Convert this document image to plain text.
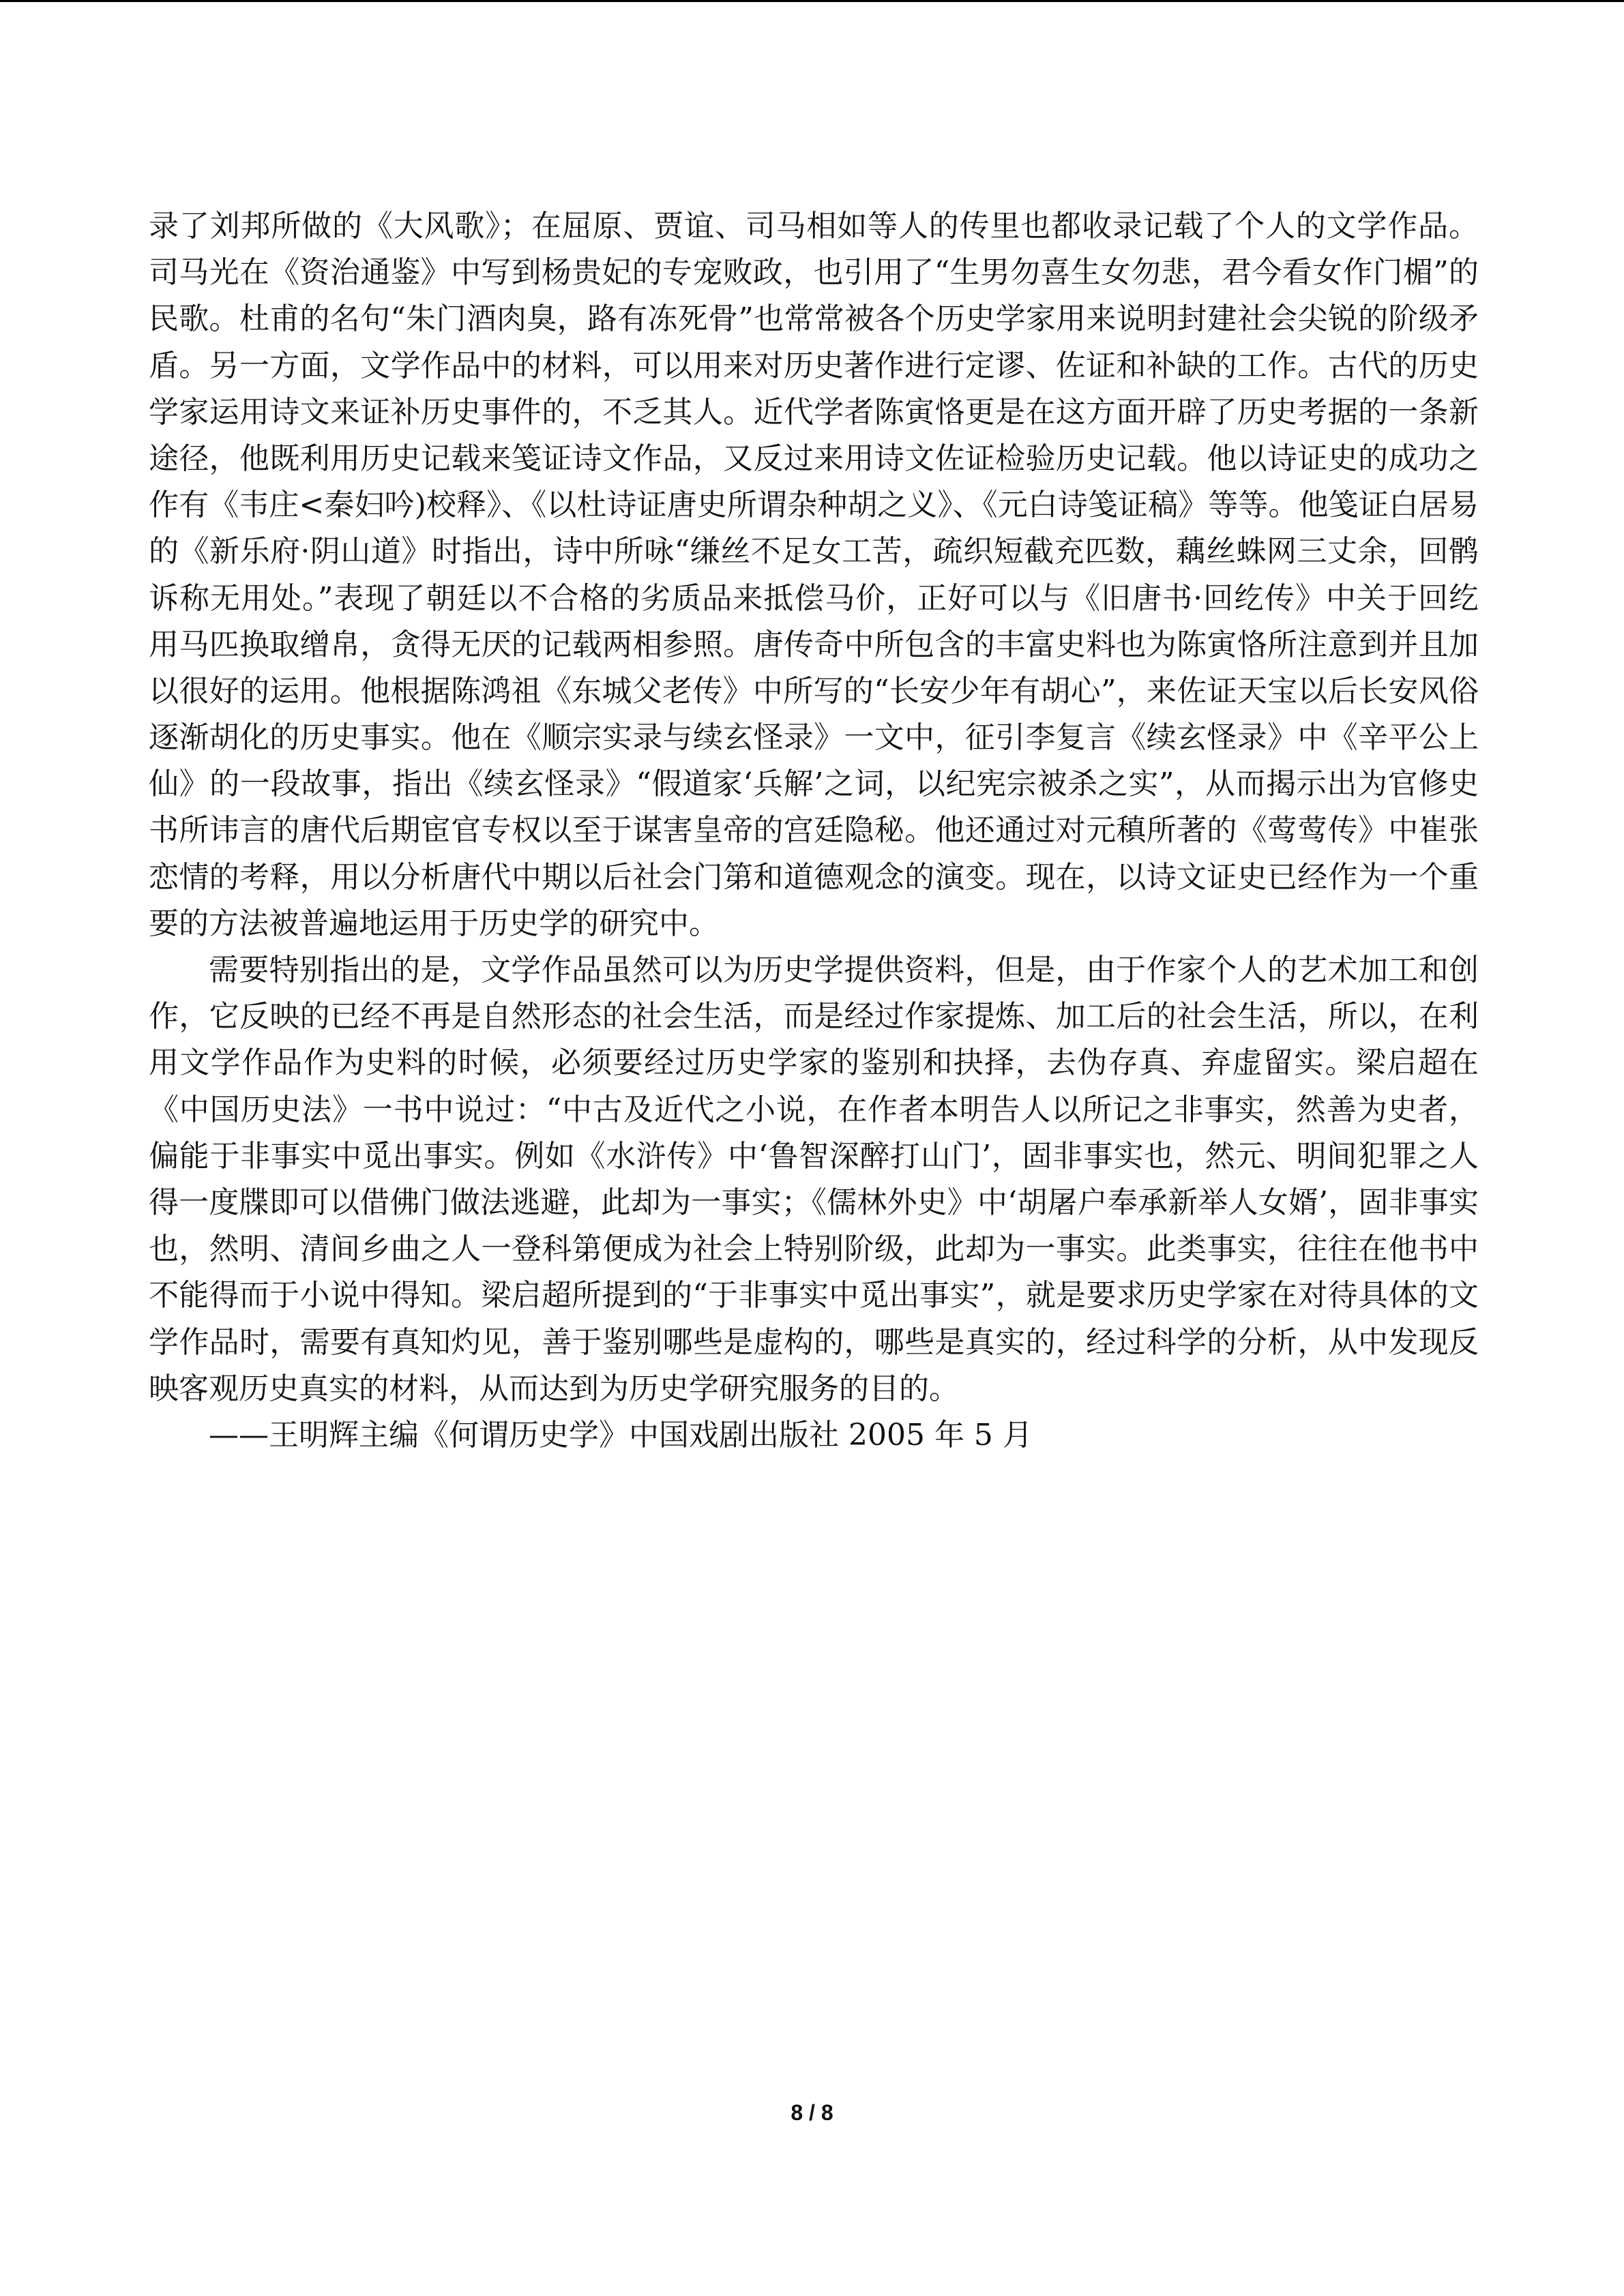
录了刘邦所做的《大风歌》；在屈原、贾谊、司马相如等人的传里也都收录记载了个人的文学作品。司马光在《资治通鉴》中写到杨贵妃的专宠败政，也引用了“生男勿喜生女勿悲，君今看女作门楣”的民歌。杜甫的名句“朱门酒肉臭，路有冻死骨”也常常被各个历史学家用来说明封建社会尖锐的阶级矛盾。另一方面，文学作品中的材料，可以用来对历史著作进行定谬、佐证和补缺的工作。古代的历史学家运用诗文来证补历史事件的，不乏其人。近代学者陈寅恪更是在这方面开辟了历史考据的一条新途径，他既利用历史记载来笺证诗文作品，又反过来用诗文佐证检验历史记载。他以诗证史的成功之作有《韦庄<秦妇吟)校释》、《以杜诗证唐史所谓杂种胡之义》、《元白诗笺证稿》等等。他笺证白居易的《新乐府·阴山道》时指出，诗中所咏“缣丝不足女工苦，疏织短截充匹数，藕丝蛛网三丈余，回鹘诉称无用处。”表现了朝廷以不合格的劣质品来抵偿马价，正好可以与《旧唐书·回纥传》中关于回纥用马匹换取缯帛，贪得无厌的记载两相参照。唐传奇中所包含的丰富史料也为陈寅恪所注意到并且加以很好的运用。他根据陈鸿祖《东城父老传》中所写的“长安少年有胡心”，来佐证天宝以后长安风俗逐渐胡化的历史事实。他在《顺宗实录与续玄怪录》一文中，征引李复言《续玄怪录》中《辛平公上仙》的一段故事，指出《续玄怪录》“假道家‘兵解’之词，以纪宪宗被杀之实”，从而揭示出为官修史书所讳言的唐代后期宦官专权以至于谋害皇帝的宫廷隐秘。他还通过对元稹所著的《莺莺传》中崔张恋情的考释，用以分析唐代中期以后社会门第和道德观念的演变。现在，以诗文证史已经作为一个重要的方法被普遍地运用于历史学的研究中。

需要特别指出的是，文学作品虽然可以为历史学提供资料，但是，由于作家个人的艺术加工和创作，它反映的已经不再是自然形态的社会生活，而是经过作家提炼、加工后的社会生活，所以，在利用文学作品作为史料的时候，必须要经过历史学家的鉴别和抉择，去伪存真、弃虚留实。梁启超在《中国历史法》一书中说过：“中古及近代之小说，在作者本明告人以所记之非事实，然善为史者，偏能于非事实中觅出事实。例如《水浒传》中‘鲁智深醉打山门’，固非事实也，然元、明间犯罪之人得一度牒即可以借佛门做法逃避，此却为一事实；《儒林外史》中‘胡屠户奉承新举人女婿’，固非事实也，然明、清间乡曲之人一登科第便成为社会上特别阶级，此却为一事实。此类事实，往往在他书中不能得而于小说中得知。梁启超所提到的“于非事实中觅出事实”，就是要求历史学家在对待具体的文学作品时，需要有真知灼见，善于鉴别哪些是虚构的，哪些是真实的，经过科学的分析，从中发现反映客观历史真实的材料，从而达到为历史学研究服务的目的。

——王明辉主编《何谓历史学》中国戏剧出版社 2005 年 5 月

8 / 8
